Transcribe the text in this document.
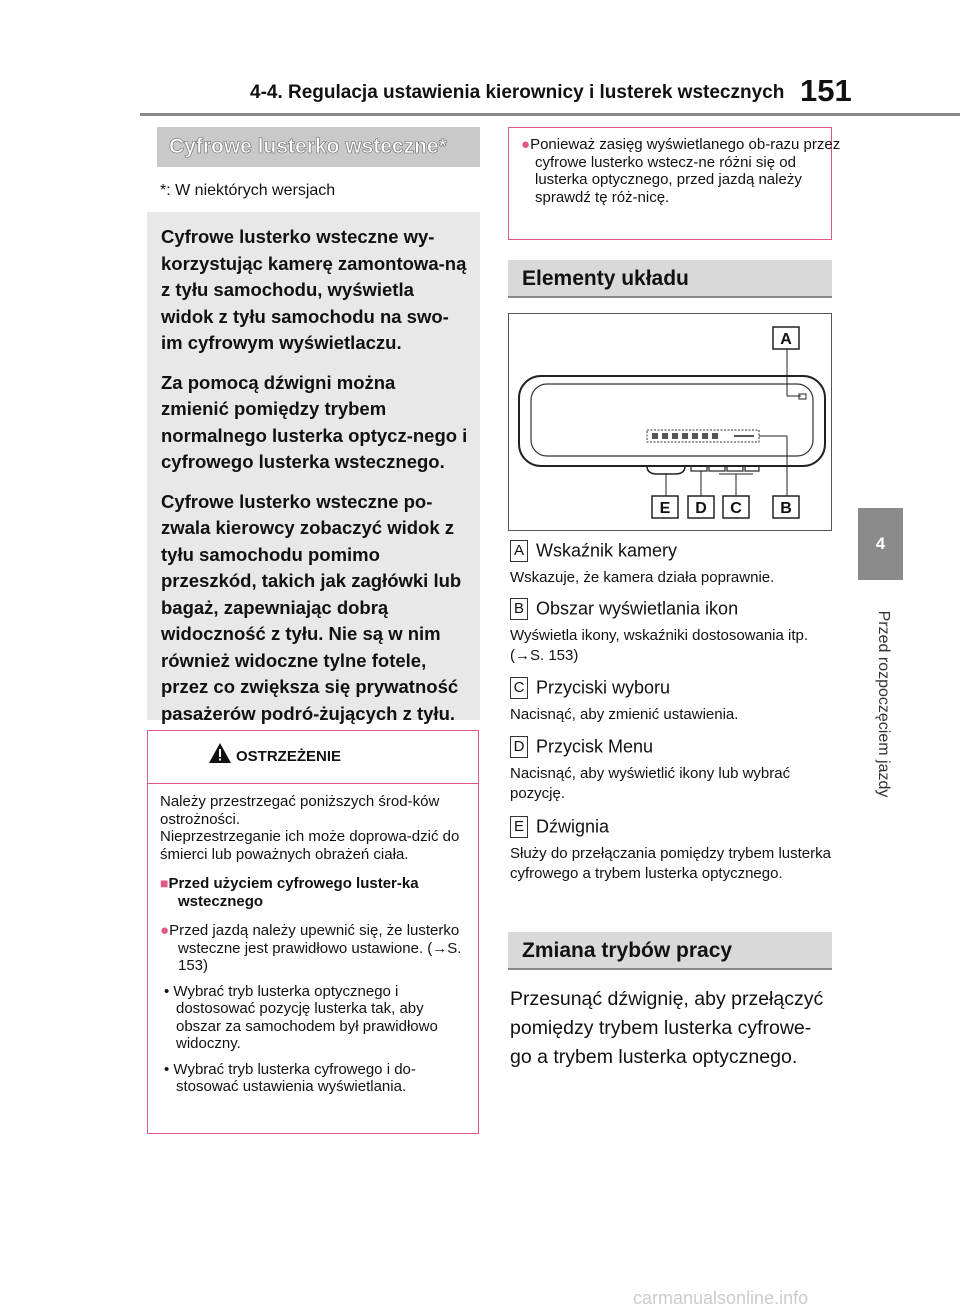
4-4. Regulacja ustawienia kierownicy i lusterek wstecznych 151
4
Przed rozpoczęciem jazdy
Cyfrowe lusterko wsteczne*
*: W niektórych wersjach

Cyfrowe lusterko wsteczne wy-korzystując kamerę zamontowa-ną z tyłu samochodu, wyświetla widok z tyłu samochodu na swo-im cyfrowym wyświetlaczu.

Za pomocą dźwigni można zmienić pomiędzy trybem normalnego lusterka optycz-nego i cyfrowego lusterka wstecznego.

Cyfrowe lusterko wsteczne po-zwala kierowcy zobaczyć widok z tyłu samochodu pomimo przeszkód, takich jak zagłówki lub bagaż, zapewniając dobrą widoczność z tyłu. Nie są w nim również widoczne tylne fotele, przez co zwiększa się prywatność pasażerów podró-żujących z tyłu.

OSTRZEŻENIE

Należy przestrzegać poniższych środ-ków ostrożności.

Nieprzestrzeganie ich może doprowa-dzić do śmierci lub poważnych obrażeń ciała.

■Przed użyciem cyfrowego luster-ka wstecznego

●Przed jazdą należy upewnić się, że lusterko wsteczne jest prawidłowo ustawione. (→S. 153)

• Wybrać tryb lusterka optycznego i dostosować pozycję lusterka tak, aby obszar za samochodem był prawidłowo widoczny.

• Wybrać tryb lusterka cyfrowego i do-stosować ustawienia wyświetlania.

●Ponieważ zasięg wyświetlanego ob-razu przez cyfrowe lusterko wstecz-ne różni się od lusterka optycznego, przed jazdą należy sprawdź tę róż-nicę.
Elementy układu
A
E D C B
A Wskaźnik kamery

Wskazuje, że kamera działa poprawnie.

B Obszar wyświetlania ikon

Wyświetla ikony, wskaźniki dostosowania itp. (→S. 153)

C Przyciski wyboru

Nacisnąć, aby zmienić ustawienia.

D Przycisk Menu

Nacisnąć, aby wyświetlić ikony lub wybrać pozycję.

E Dźwignia

Służy do przełączania pomiędzy trybem lusterka cyfrowego a trybem lusterka optycznego.

Zmiana trybów pracy
Przesunąć dźwignię, aby przełączyć pomiędzy trybem lusterka cyfrowe-go a trybem lusterka optycznego.
carmanualsonline.info
